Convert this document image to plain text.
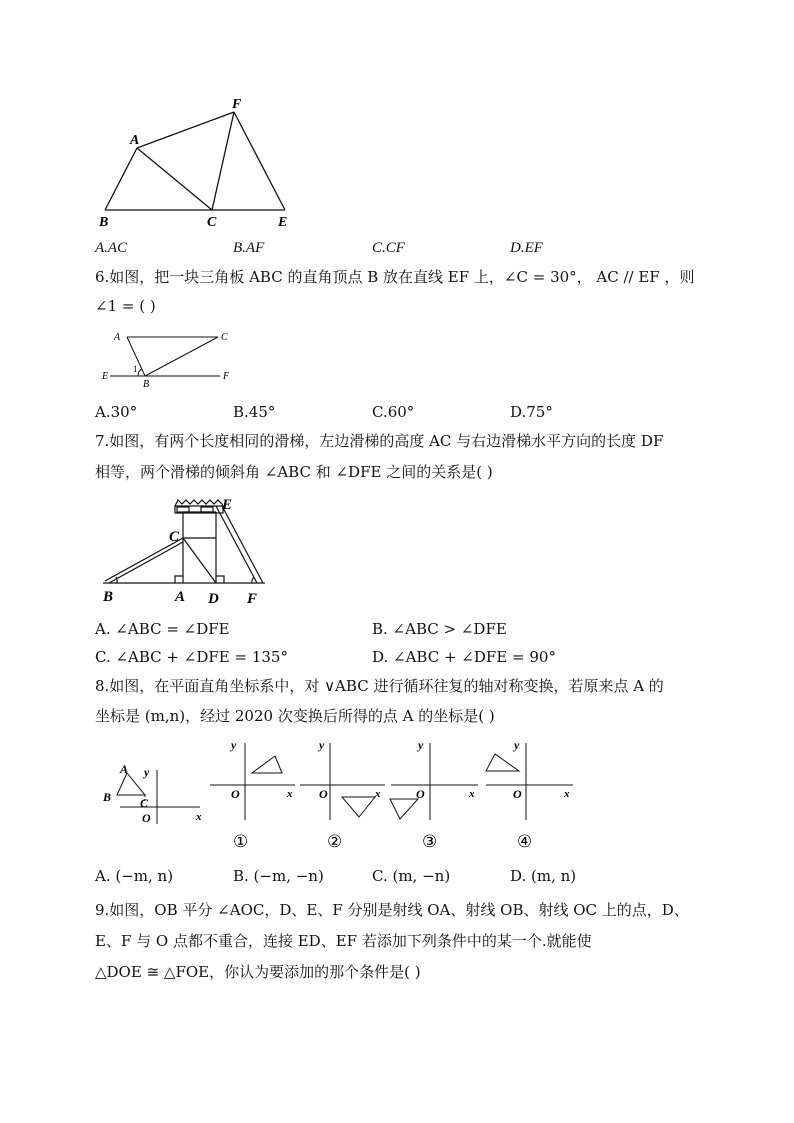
A
F
B	C	E
A.AC	B.AF	C.CF	D.EF
6.如图，把一块三角板 ABC 的直角顶点 B 放在直线 EF 上，∠C = 30°， AC // EF ，则
∠1 = ( )
A	C
E	F
B
1
A.30°	B.45°	C.60°	D.75°
7.如图，有两个长度相同的滑梯，左边滑梯的高度 AC 与右边滑梯水平方向的长度 DF
相等，两个滑梯的倾斜角 ∠ABC 和 ∠DFE 之间的关系是( )
B	A D F
C
E
A. ∠ABC = ∠DFE	B. ∠ABC > ∠DFE
C. ∠ABC + ∠DFE = 135°	D. ∠ABC + ∠DFE = 90°
8.如图，在平面直角坐标系中，对 ∨ABC 进行循环往复的轴对称变换，若原来点 A 的
坐标是 (m,n)，经过 2020 次变换后所得的点 A 的坐标是( )
A
B C
y
O	x
y
O	x
①
y
O	x
②
y
O	x
③
y
O	x
④
A. (−m, n)	B. (−m, −n)	C. (m, −n)	D. (m, n)
9.如图，OB 平分 ∠AOC，D、E、F 分别是射线 OA、射线 OB、射线 OC 上的点，D、
E、F 与 O 点都不重合，连接 ED、EF 若添加下列条件中的某一个.就能使
△DOE ≅ △FOE，你认为要添加的那个条件是( )
